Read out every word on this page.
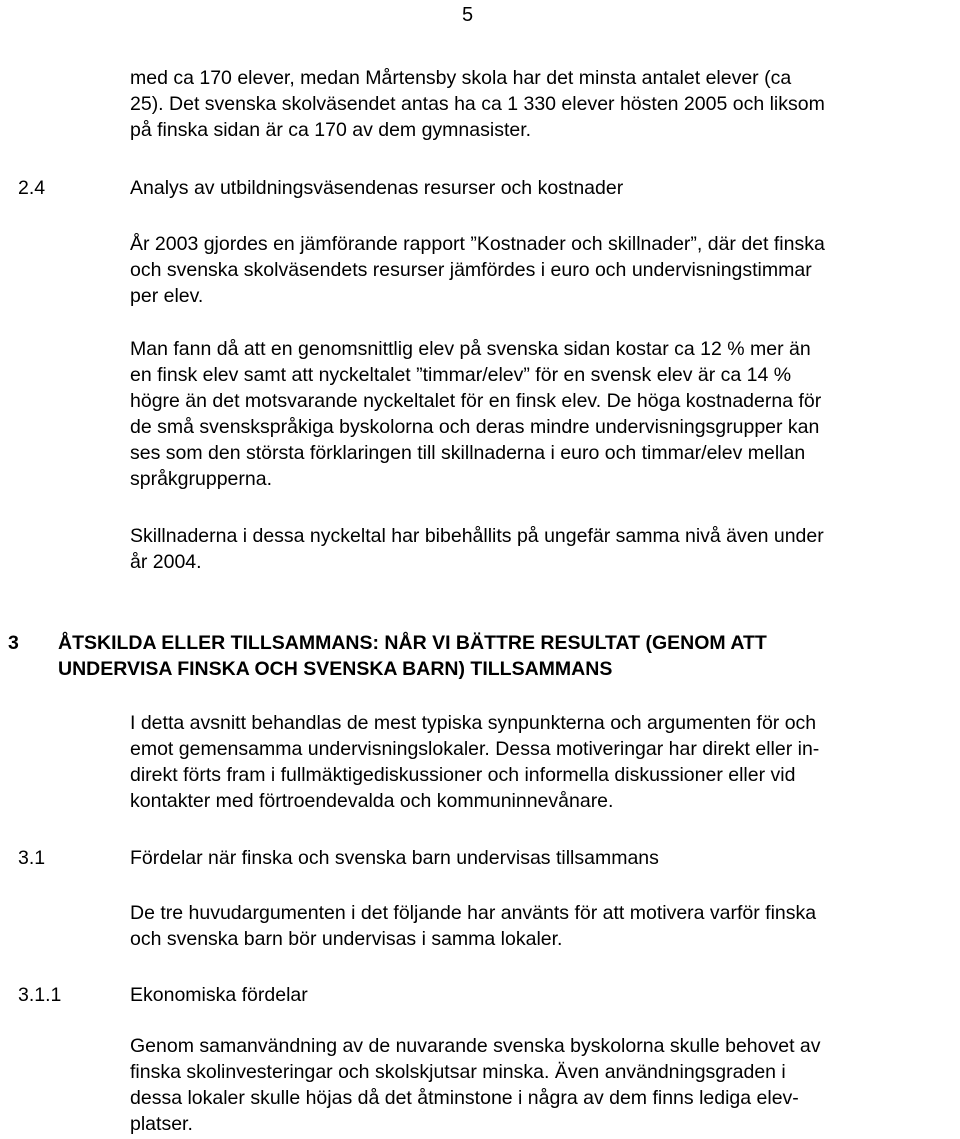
5

med ca 170 elever, medan Mårtensby skola har det minsta antalet elever (ca
25). Det svenska skolväsendet antas ha ca 1 330 elever hösten 2005 och liksom
på finska sidan är ca 170 av dem gymnasister.

2.4	Analys av utbildningsväsendenas resurser och kostnader

År 2003 gjordes en jämförande rapport ”Kostnader och skillnader”, där det finska
och svenska skolväsendets resurser jämfördes i euro och undervisningstimmar
per elev.

Man fann då att en genomsnittlig elev på svenska sidan kostar ca 12 % mer än
en finsk elev samt att nyckeltalet ”timmar/elev” för en svensk elev är ca 14 %
högre än det motsvarande nyckeltalet för en finsk elev. De höga kostnaderna för
de små svenskspråkiga byskolorna och deras mindre undervisningsgrupper kan
ses som den största förklaringen till skillnaderna i euro och timmar/elev mellan
språkgrupperna.

Skillnaderna i dessa nyckeltal har bibehållits på ungefär samma nivå även under
år 2004.

3 ÅTSKILDA ELLER TILLSAMMANS: NÅR VI BÄTTRE RESULTAT (GENOM ATT
UNDERVISA FINSKA OCH SVENSKA BARN) TILLSAMMANS

I detta avsnitt behandlas de mest typiska synpunkterna och argumenten för och
emot gemensamma undervisningslokaler. Dessa motiveringar har direkt eller in-
direkt förts fram i fullmäktigediskussioner och informella diskussioner eller vid
kontakter med förtroendevalda och kommuninnevånare.

3.1	Fördelar när finska och svenska barn undervisas tillsammans

De tre huvudargumenten i det följande har använts för att motivera varför finska
och svenska barn bör undervisas i samma lokaler.

3.1.1	Ekonomiska fördelar

Genom samanvändning av de nuvarande svenska byskolorna skulle behovet av
finska skolinvesteringar och skolskjutsar minska. Även användningsgraden i
dessa lokaler skulle höjas då det åtminstone i några av dem finns lediga elev-
platser.
